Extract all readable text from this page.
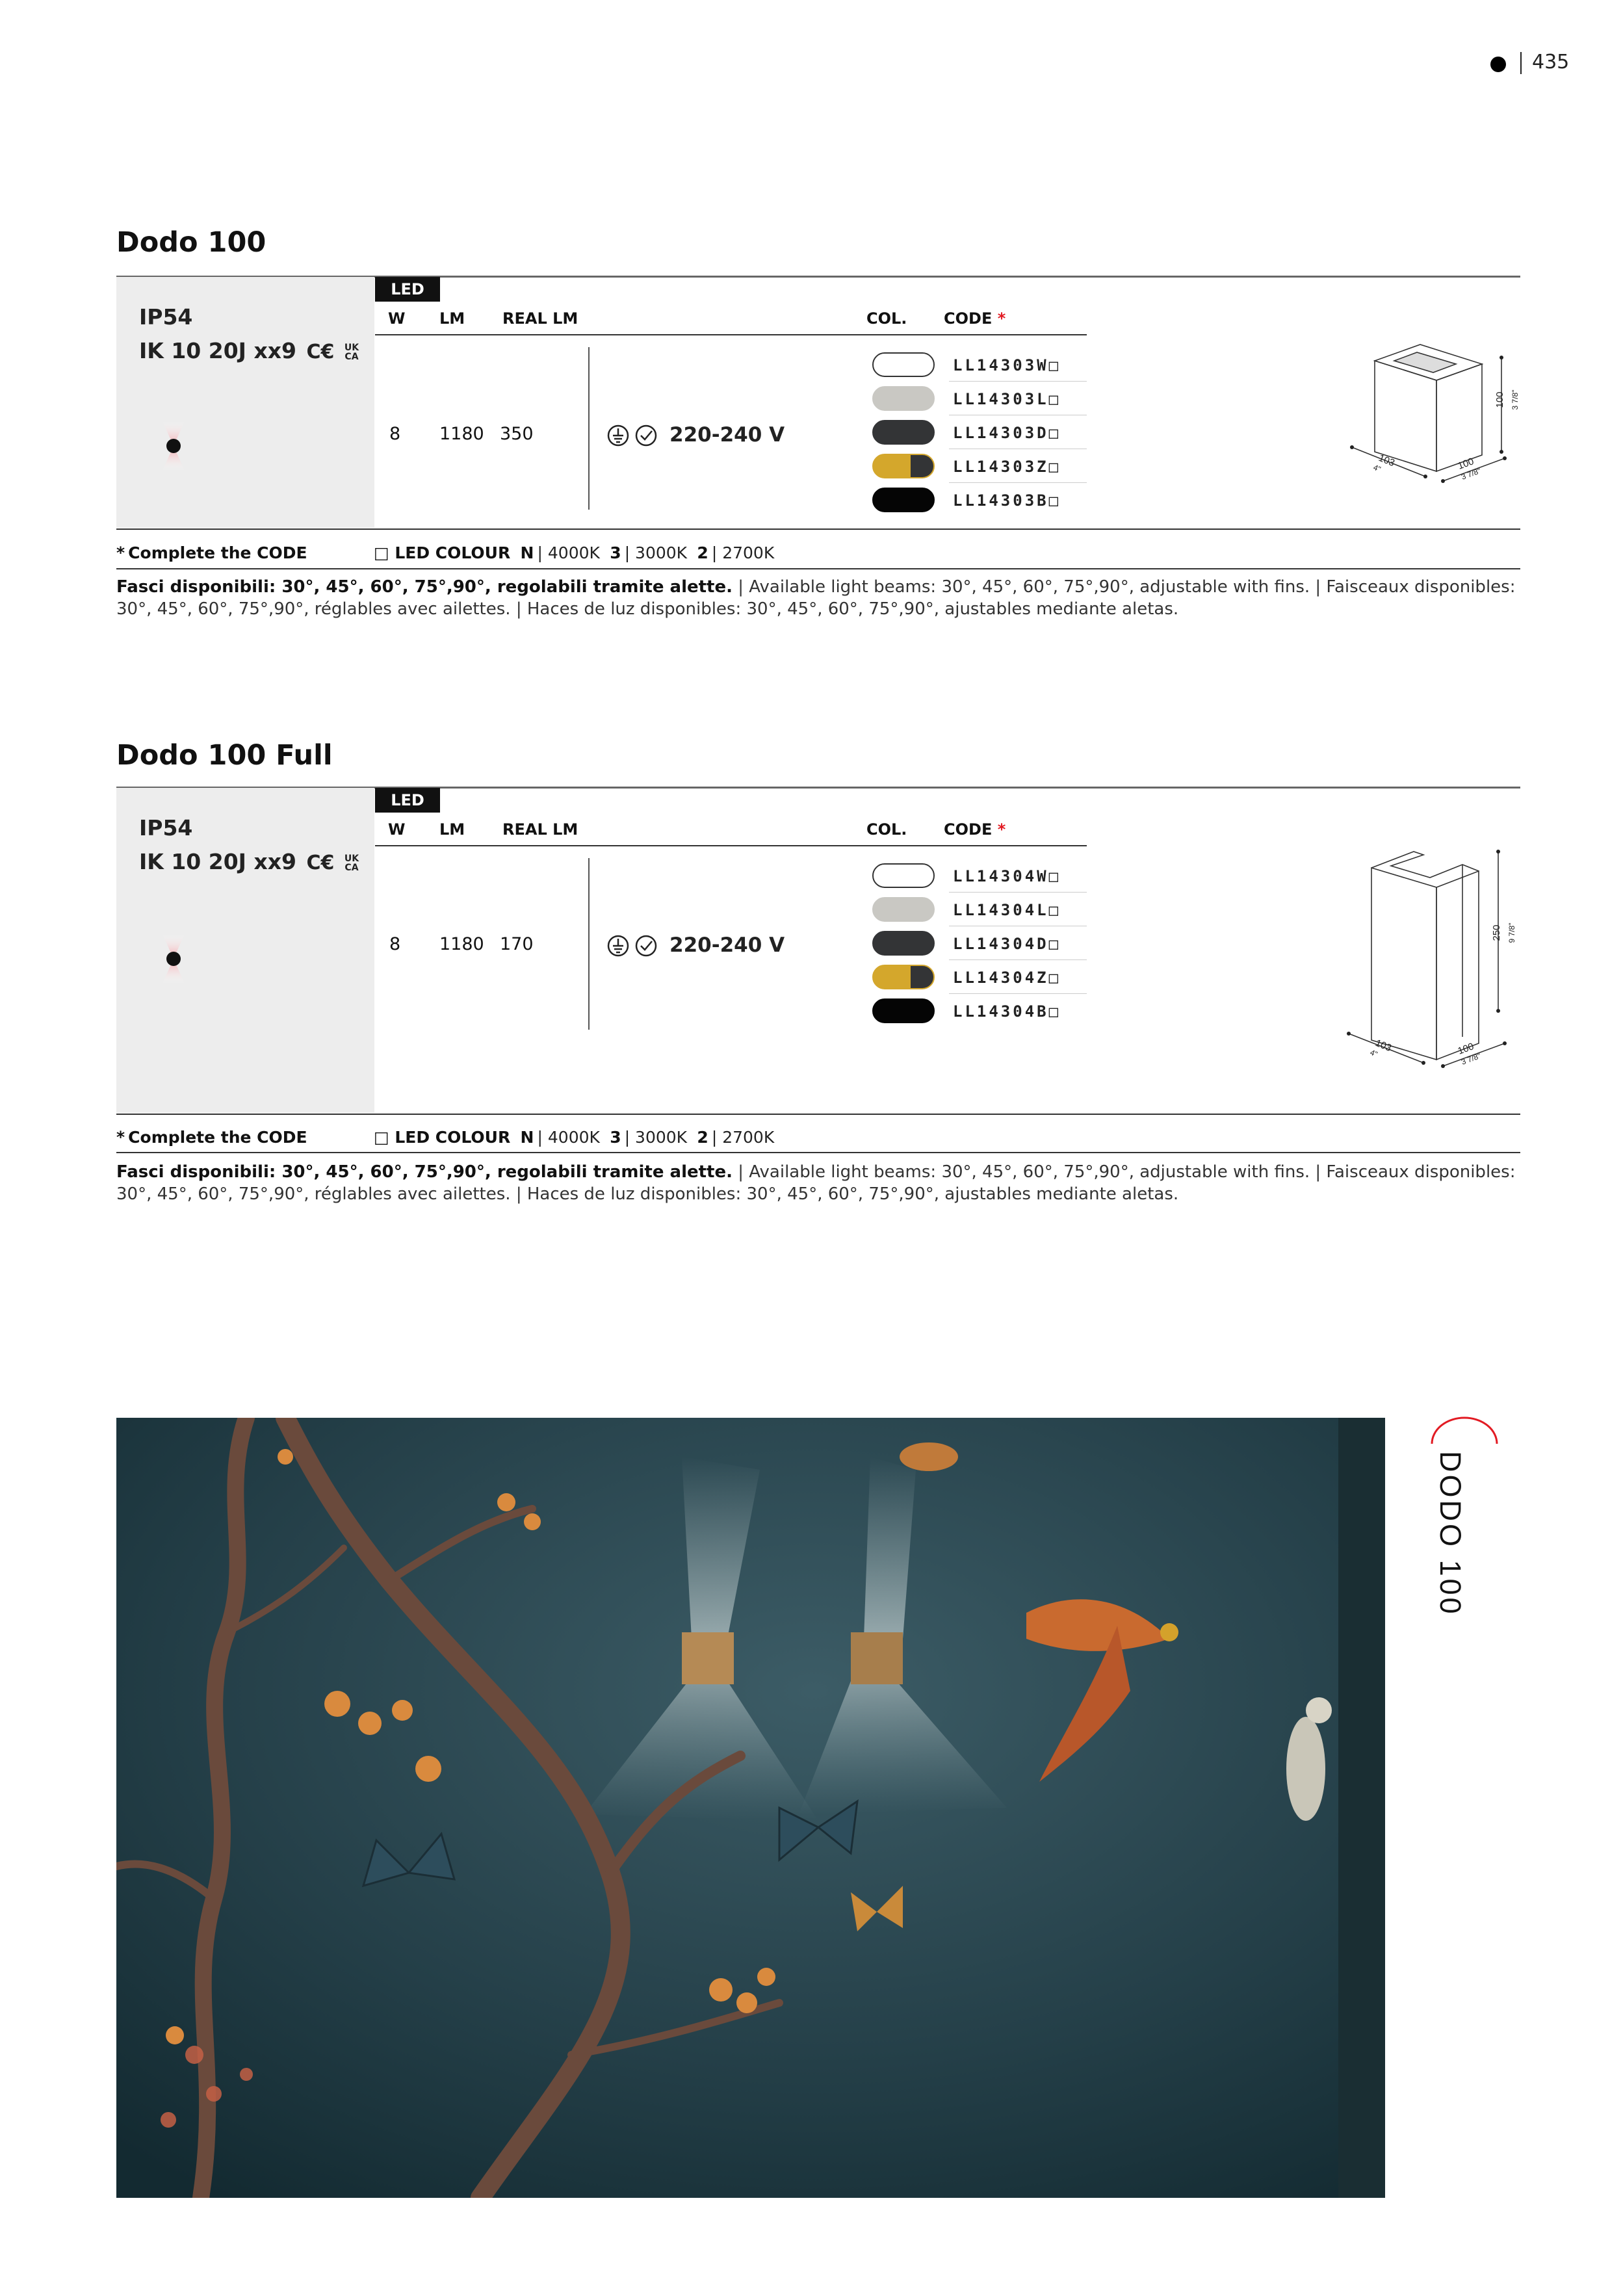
435
Dodo 100
LED
IP54
IK 10 20J xx9 C€ UK
CA
W LM REAL LM	COL. CODE *
8 1180 350	220-240 V
LL14303W□
LL14303L□
LL14303D□
LL14303Z□
LL14303B□
100 3 7/8"
103
4"	100
3 7/8"
* Complete the CODE	□ LED COLOUR N | 4000K 3 | 3000K 2 | 2700K
Fasci disponibili: 30°, 45°, 60°, 75°,90°, regolabili tramite alette. | Available light beams: 30°, 45°, 60°, 75°,90°, adjustable with fins. | Faisceaux disponibles: 30°, 45°, 60°, 75°,90°, réglables avec ailettes. | Haces de luz disponibles: 30°, 45°, 60°, 75°,90°, ajustables mediante aletas.
Dodo 100 Full
LED
IP54
IK 10 20J xx9 C€ UK
CA
W LM REAL LM	COL. CODE *
8 1180 170	220-240 V
LL14304W□
LL14304L□
LL14304D□
LL14304Z□
LL14304B□
250 9 7/8"
103
4"	100
3 7/8"
* Complete the CODE	□ LED COLOUR N | 4000K 3 | 3000K 2 | 2700K
Fasci disponibili: 30°, 45°, 60°, 75°,90°, regolabili tramite alette. | Available light beams: 30°, 45°, 60°, 75°,90°, adjustable with fins. | Faisceaux disponibles: 30°, 45°, 60°, 75°,90°, réglables avec ailettes. | Haces de luz disponibles: 30°, 45°, 60°, 75°,90°, ajustables mediante aletas.
DODO 100
